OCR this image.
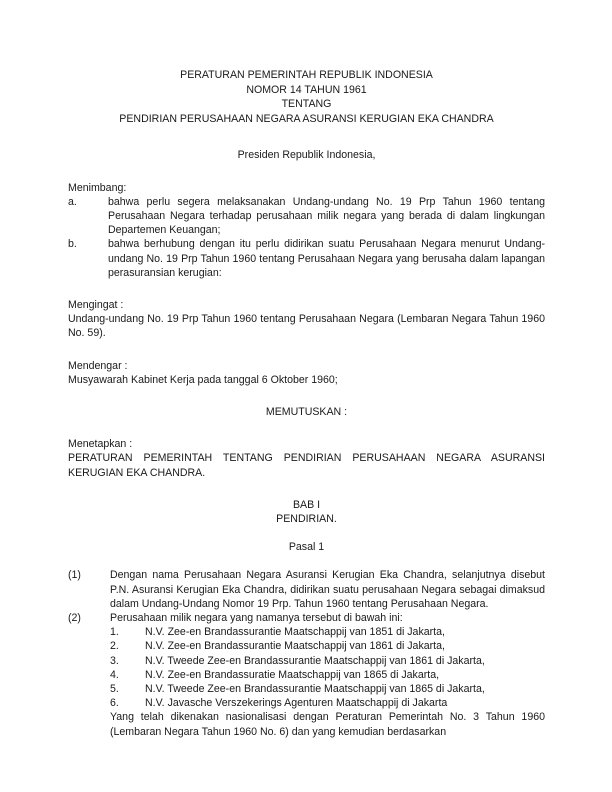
PERATURAN PEMERINTAH REPUBLIK INDONESIA
NOMOR 14 TAHUN 1961
TENTANG
PENDIRIAN PERUSAHAAN NEGARA ASURANSI KERUGIAN EKA CHANDRA
Presiden Republik Indonesia,
Menimbang:
a.	bahwa perlu segera melaksanakan Undang-undang No. 19 Prp Tahun 1960 tentang Perusahaan Negara terhadap perusahaan milik negara yang berada di dalam lingkungan Departemen Keuangan;
b.	bahwa berhubung dengan itu perlu didirikan suatu Perusahaan Negara menurut Undang-undang No. 19 Prp Tahun 1960 tentang Perusahaan Negara yang berusaha dalam lapangan perasuransian kerugian:
Mengingat :
Undang-undang No. 19 Prp Tahun 1960 tentang Perusahaan Negara (Lembaran Negara Tahun 1960 No. 59).
Mendengar :
Musyawarah Kabinet Kerja pada tanggal 6 Oktober 1960;
MEMUTUSKAN :
Menetapkan :
PERATURAN PEMERINTAH TENTANG PENDIRIAN PERUSAHAAN NEGARA ASURANSI KERUGIAN EKA CHANDRA.
BAB I
PENDIRIAN.
Pasal 1
(1)	Dengan nama Perusahaan Negara Asuransi Kerugian Eka Chandra, selanjutnya disebut P.N. Asuransi Kerugian Eka Chandra, didirikan suatu perusahaan Negara sebagai dimaksud dalam Undang-Undang Nomor 19 Prp. Tahun 1960 tentang Perusahaan Negara.
(2)	Perusahaan milik negara yang namanya tersebut di bawah ini:
1. N.V. Zee-en Brandassurantie Maatschappij van 1851 di Jakarta,
2. N.V. Zee-en Brandassurantie Maatschappij van 1861 di Jakarta,
3. N.V. Tweede Zee-en Brandassurantie Maatschappij van 1861 di Jakarta,
4. N.V. Zee-en Brandassuratie Maatschappij van 1865 di Jakarta,
5. N.V. Tweede Zee-en Brandassurantie Maatschappij van 1865 di Jakarta,
6. N.V. Javasche Verszekerings Agenturen Maatschappij di Jakarta
Yang telah dikenakan nasionalisasi dengan Peraturan Pemerintah No. 3 Tahun 1960 (Lembaran Negara Tahun 1960 No. 6) dan yang kemudian berdasarkan
